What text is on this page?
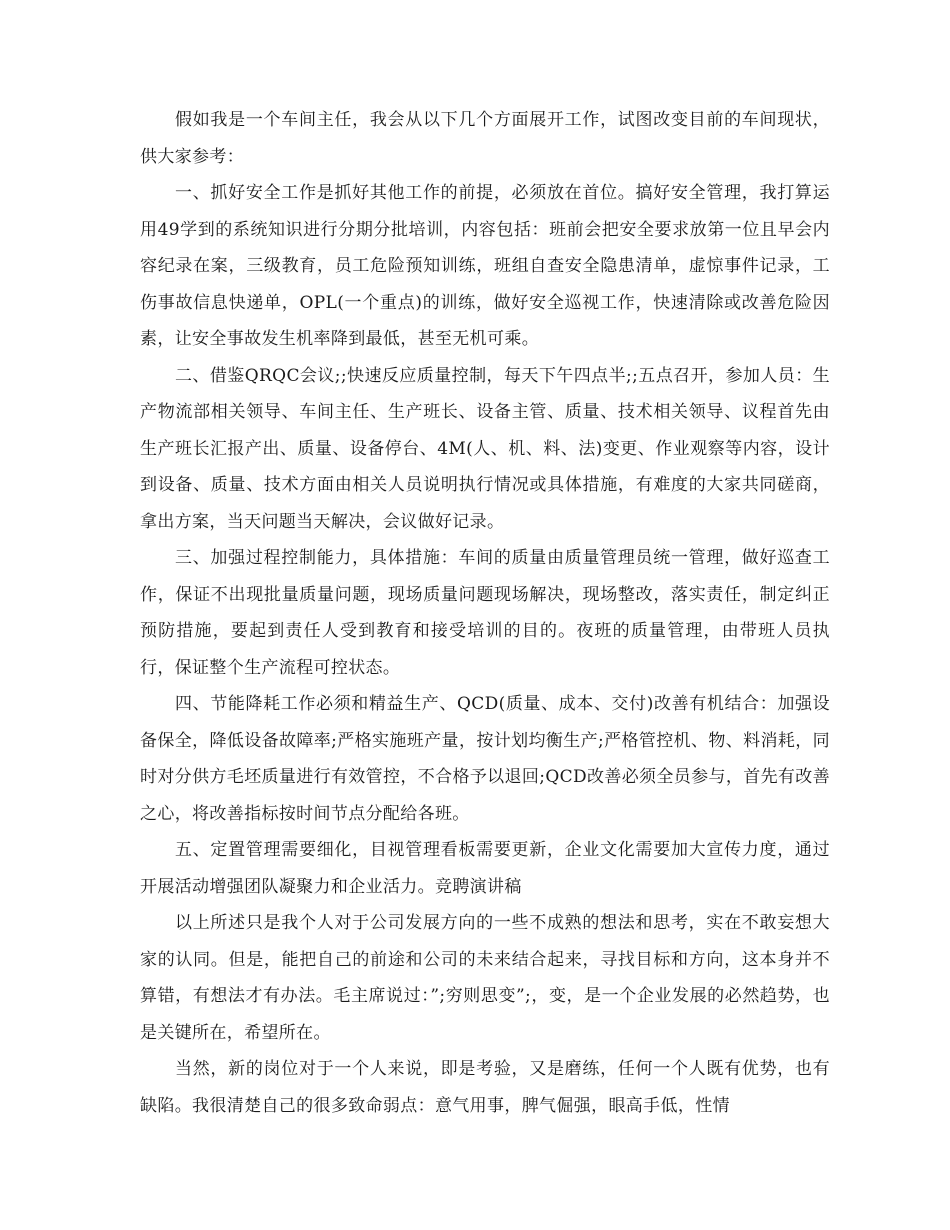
假如我是一个车间主任，我会从以下几个方面展开工作，试图改变目前的车间现状，供大家参考：

一、抓好安全工作是抓好其他工作的前提，必须放在首位。搞好安全管理，我打算运用49学到的系统知识进行分期分批培训，内容包括：班前会把安全要求放第一位且早会内容纪录在案，三级教育，员工危险预知训练，班组自查安全隐患清单，虚惊事件记录，工伤事故信息快递单，OPL(一个重点)的训练，做好安全巡视工作，快速清除或改善危险因素，让安全事故发生机率降到最低，甚至无机可乘。

二、借鉴QRQC会议;;快速反应质量控制，每天下午四点半;;五点召开，参加人员：生产物流部相关领导、车间主任、生产班长、设备主管、质量、技术相关领导、议程首先由生产班长汇报产出、质量、设备停台、4M(人、机、料、法)变更、作业观察等内容，设计到设备、质量、技术方面由相关人员说明执行情况或具体措施，有难度的大家共同磋商，拿出方案，当天问题当天解决，会议做好记录。

三、加强过程控制能力，具体措施：车间的质量由质量管理员统一管理，做好巡查工作，保证不出现批量质量问题，现场质量问题现场解决，现场整改，落实责任，制定纠正预防措施，要起到责任人受到教育和接受培训的目的。夜班的质量管理，由带班人员执行，保证整个生产流程可控状态。

四、节能降耗工作必须和精益生产、QCD(质量、成本、交付)改善有机结合：加强设备保全，降低设备故障率;严格实施班产量，按计划均衡生产;严格管控机、物、料消耗，同时对分供方毛坯质量进行有效管控，不合格予以退回;QCD改善必须全员参与，首先有改善之心，将改善指标按时间节点分配给各班。

五、定置管理需要细化，目视管理看板需要更新，企业文化需要加大宣传力度，通过开展活动增强团队凝聚力和企业活力。竞聘演讲稿

以上所述只是我个人对于公司发展方向的一些不成熟的想法和思考，实在不敢妄想大家的认同。但是，能把自己的前途和公司的未来结合起来，寻找目标和方向，这本身并不算错，有想法才有办法。毛主席说过：”;穷则思变”;，变，是一个企业发展的必然趋势，也是关键所在，希望所在。

当然，新的岗位对于一个人来说，即是考验，又是磨练，任何一个人既有优势，也有缺陷。我很清楚自己的很多致命弱点：意气用事，脾气倔强，眼高手低，性情
